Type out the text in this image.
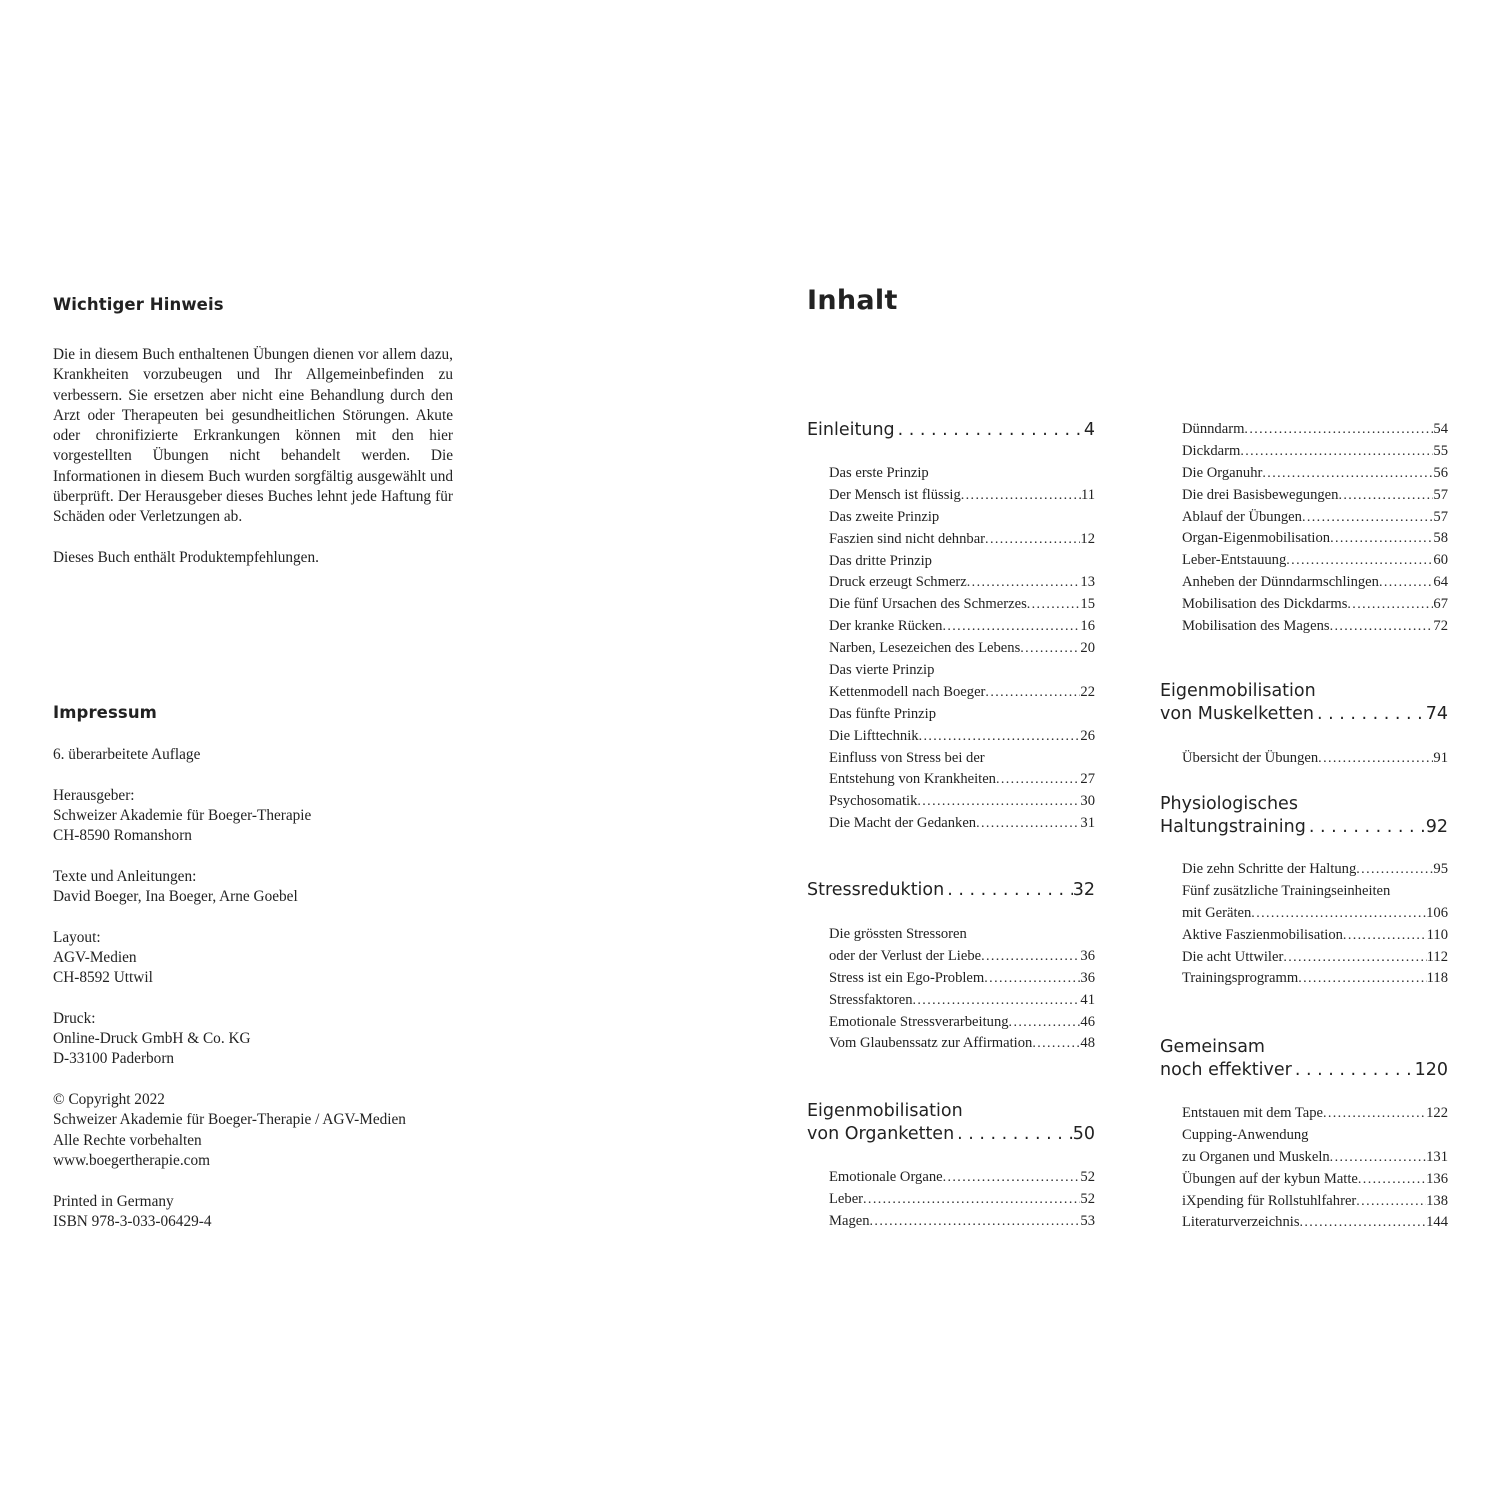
Wichtiger Hinweis

Die in diesem Buch enthaltenen Übungen dienen vor allem dazu, Krankheiten vorzubeugen und Ihr Allgemeinbefinden zu verbessern. Sie ersetzen aber nicht eine Behandlung durch den Arzt oder Therapeuten bei gesundheitlichen Störungen. Akute oder chronifizierte Erkrankungen können mit den hier vorgestellten Übungen nicht behandelt werden. Die Informationen in diesem Buch wurden sorgfältig ausgewählt und überprüft. Der Herausgeber dieses Buches lehnt jede Haftung für Schäden oder Verletzungen ab.

Dieses Buch enthält Produktempfehlungen.

Impressum
6. überarbeitete Auflage
Herausgeber:
Schweizer Akademie für Boeger-Therapie
CH-8590 Romanshorn
Texte und Anleitungen:
David Boeger, Ina Boeger, Arne Goebel
Layout:
AGV-Medien
CH-8592 Uttwil
Druck:
Online-Druck GmbH & Co. KG
D-33100 Paderborn
© Copyright 2022
Schweizer Akademie für Boeger-Therapie / AGV-Medien
Alle Rechte vorbehalten
www.boegertherapie.com
Printed in Germany
ISBN 978-3-033-06429-4
Inhalt
Einleitung . . .	4
Das erste Prinzip
Der Mensch ist flüssig .....	11
Das zweite Prinzip
Faszien sind nicht dehnbar .....	12
Das dritte Prinzip
Druck erzeugt Schmerz .....	13
Die fünf Ursachen des Schmerzes .....	15
Der kranke Rücken .....	16
Narben, Lesezeichen des Lebens .....	20
Das vierte Prinzip
Kettenmodell nach Boeger .....	22
Das fünfte Prinzip
Die Lifttechnik .....	26
Einfluss von Stress bei der
Entstehung von Krankheiten .....	27
Psychosomatik .....	30
Die Macht der Gedanken .....	31
Stressreduktion . . .	32
Die grössten Stressoren
oder der Verlust der Liebe .....	36
Stress ist ein Ego-Problem .....	36
Stressfaktoren .....	41
Emotionale Stressverarbeitung .....	46
Vom Glaubenssatz zur Affirmation .....	48
Eigenmobilisation
von Organketten . . .	50
Emotionale Organe .....	52
Leber .....	52
Magen .....	53
Dünndarm .....	54
Dickdarm .....	55
Die Organuhr .....	56
Die drei Basisbewegungen .....	57
Ablauf der Übungen .....	57
Organ-Eigenmobilisation .....	58
Leber-Entstauung .....	60
Anheben der Dünndarmschlingen .....	64
Mobilisation des Dickdarms .....	67
Mobilisation des Magens .....	72
Eigenmobilisation
von Muskelketten . . .	74
Übersicht der Übungen .....	91
Physiologisches
Haltungstraining . . .	92
Die zehn Schritte der Haltung .....	95
Fünf zusätzliche Trainingseinheiten
mit Geräten .....	106
Aktive Faszienmobilisation .....	110
Die acht Uttwiler .....	112
Trainingsprogramm .....	118
Gemeinsam
noch effektiver . . .	120
Entstauen mit dem Tape .....	122
Cupping-Anwendung
zu Organen und Muskeln .....	131
Übungen auf der kybun Matte .....	136
iXpending für Rollstuhlfahrer .....	138
Literaturverzeichnis .....	144
